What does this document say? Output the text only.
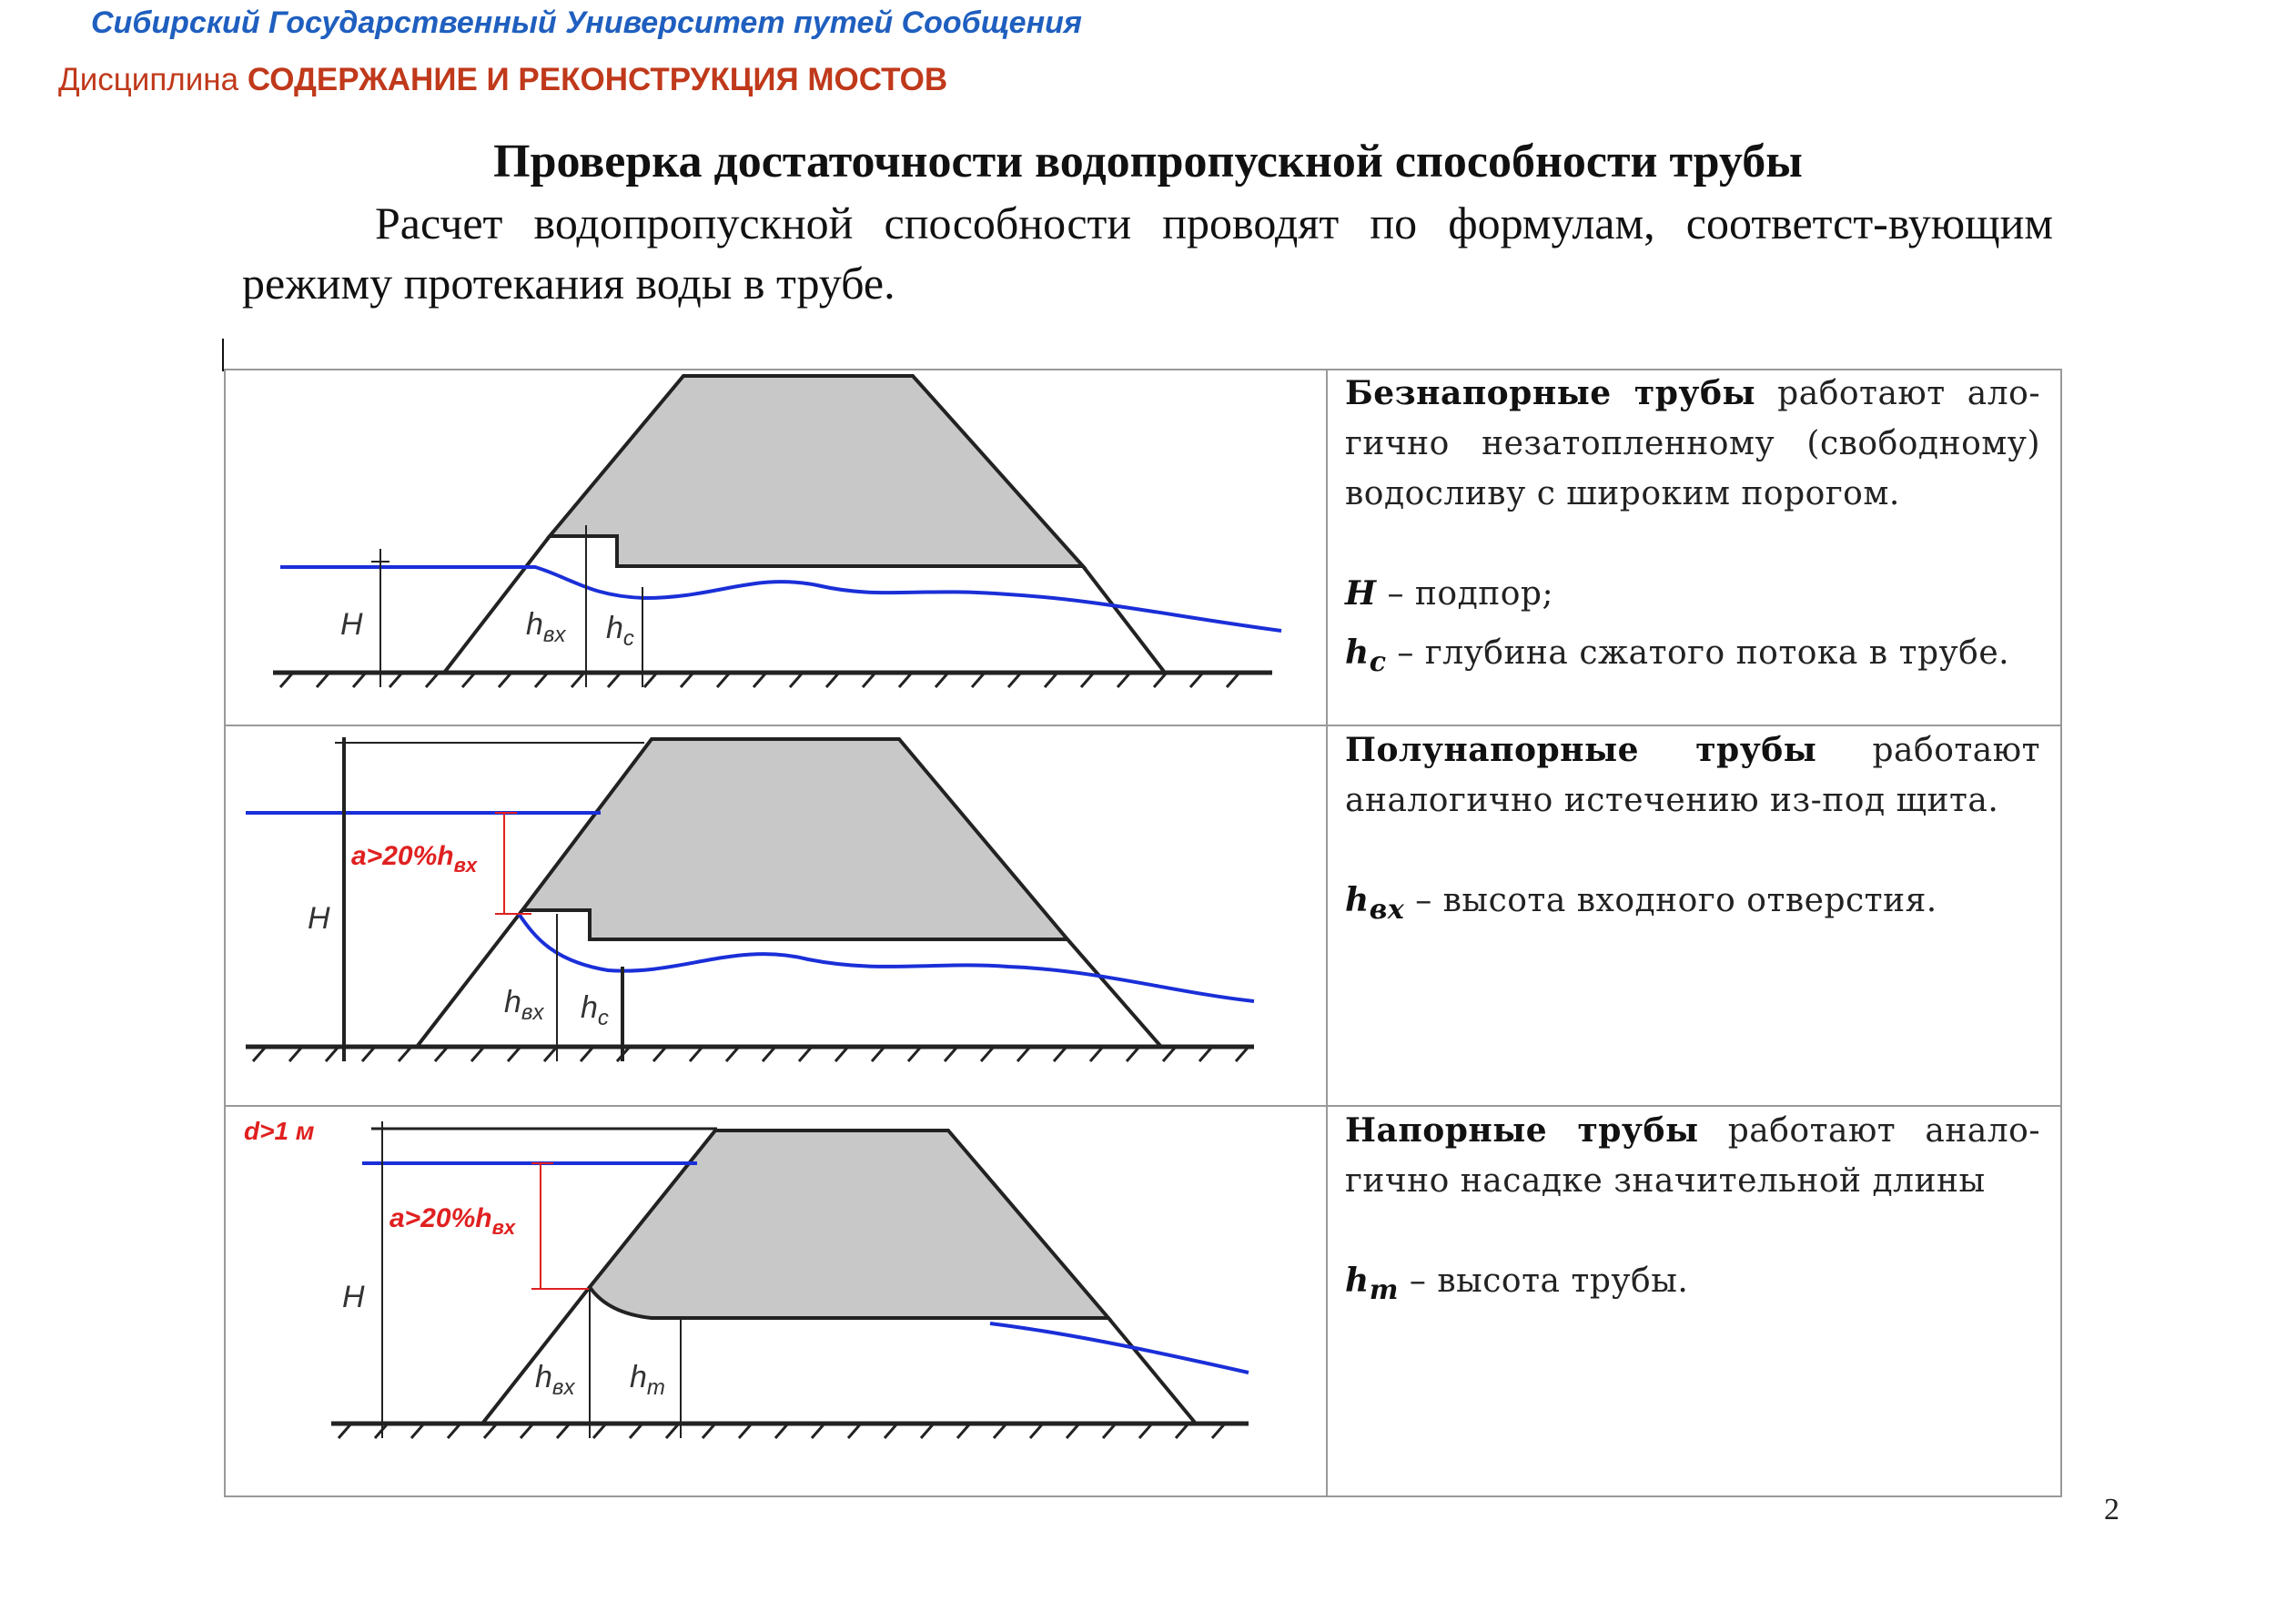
Сибирский Государственный Университет путей Сообщения
Дисциплина СОДЕРЖАНИЕ И РЕКОНСТРУКЦИЯ МОСТОВ
Проверка достаточности водопропускной способности трубы
Расчет водопропускной способности проводят по формулам, соответст-вующим режиму протекания воды в трубе.
H	$h_{вх}$ $h_c$
$a>20\%h_{вх}$
H
$h_{вх}$ $h_c$
d>1 м
$a>20\%h_{вх}$
H
$h_{вх}$ $h_m$

Безнапорные трубы работают ало-гично незатопленному (свободному) водосливу с широким порогом.

H – подпор;

$h_c$ – глубина сжатого потока в трубе.

Полунапорные трубы работают аналогично истечению из-под щита.

$h_{вх}$ – высота входного отверстия.

Напорные трубы работают анало-гично насадке значительной длины

$h_m$ – высота трубы.

2
